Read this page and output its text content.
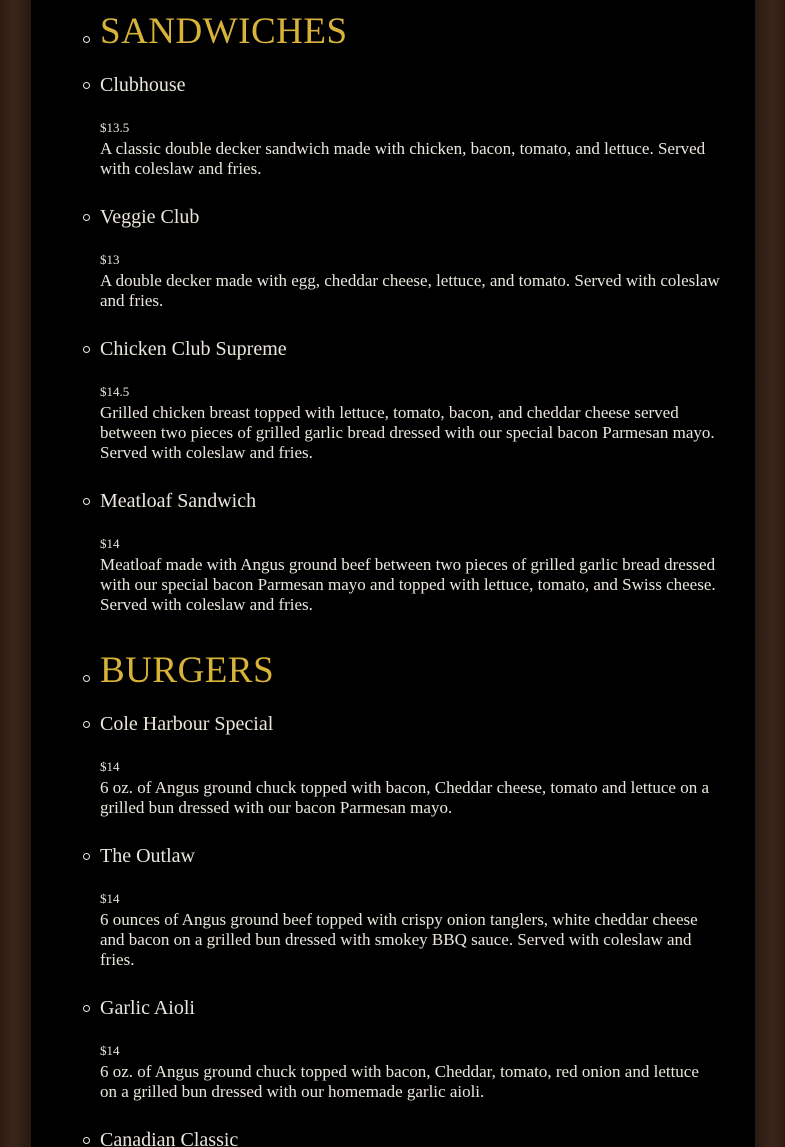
SANDWICHES
Clubhouse
$13.5
A classic double decker sandwich made with chicken, bacon, tomato, and lettuce. Served with coleslaw and fries.
Veggie Club
$13
A double decker made with egg, cheddar cheese, lettuce, and tomato. Served with coleslaw and fries.
Chicken Club Supreme
$14.5
Grilled chicken breast topped with lettuce, tomato, bacon, and cheddar cheese served between two pieces of grilled garlic bread dressed with our special bacon Parmesan mayo. Served with coleslaw and fries.
Meatloaf Sandwich
$14
Meatloaf made with Angus ground beef between two pieces of grilled garlic bread dressed with our special bacon Parmesan mayo and topped with lettuce, tomato, and Swiss cheese. Served with coleslaw and fries.
BURGERS
Cole Harbour Special
$14
6 oz. of Angus ground chuck topped with bacon, Cheddar cheese, tomato and lettuce on a grilled bun dressed with our bacon Parmesan mayo.
The Outlaw
$14
6 ounces of Angus ground beef topped with crispy onion tanglers, white cheddar cheese and bacon on a grilled bun dressed with smokey BBQ sauce. Served with coleslaw and fries.
Garlic Aioli
$14
6 oz. of Angus ground chuck topped with bacon, Cheddar, tomato, red onion and lettuce on a grilled bun dressed with our homemade garlic aioli.
Canadian Classic
